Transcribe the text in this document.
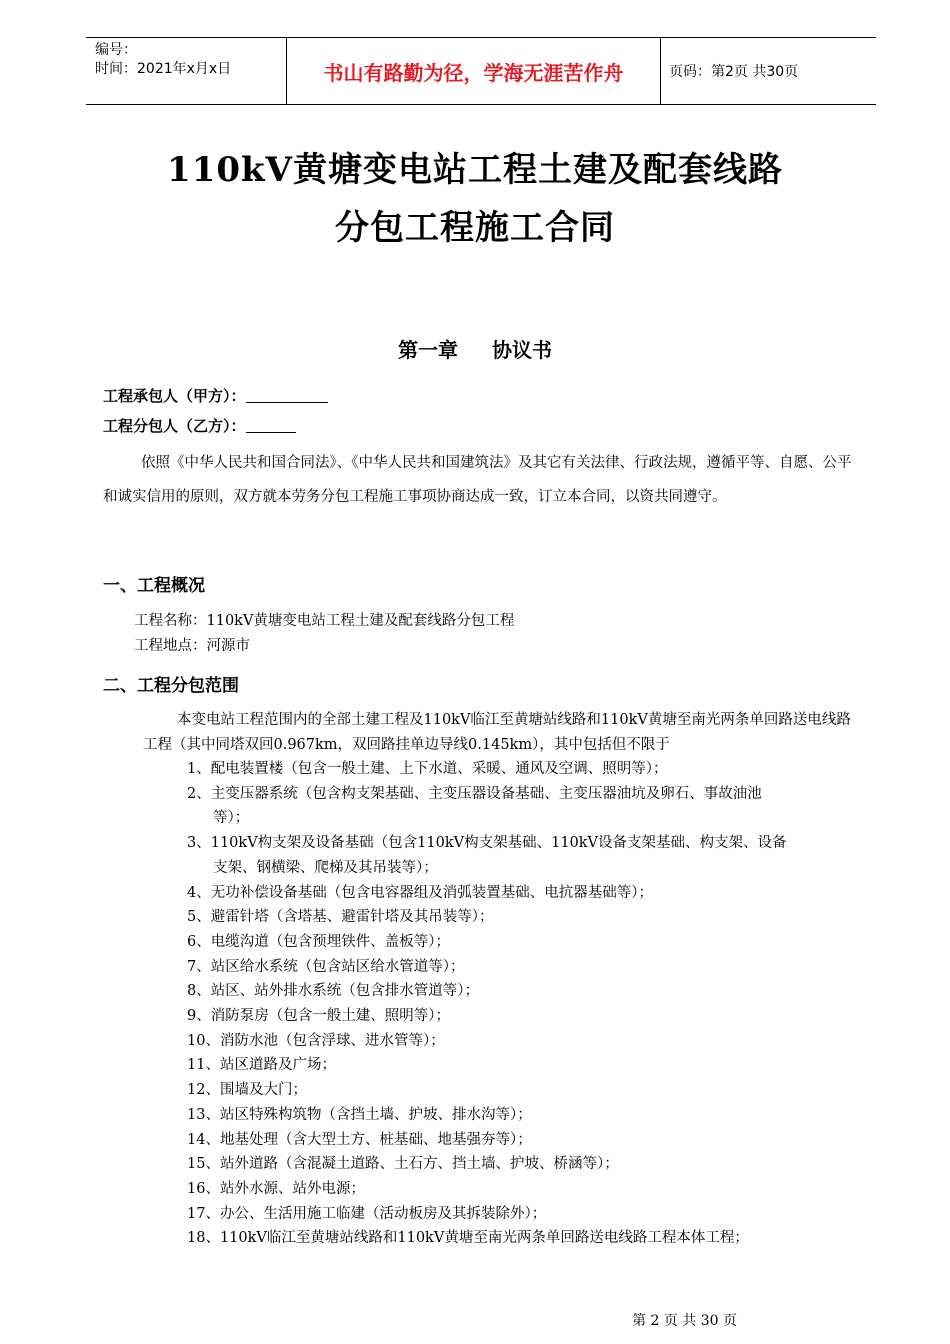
编号：
时间：2021年x月x日	书山有路勤为径，学海无涯苦作舟	页码：第2页 共30页
110kV黄塘变电站工程土建及配套线路
分包工程施工合同
第一章 协议书
工程承包人（甲方）：
工程分包人（乙方）：
依照《中华人民共和国合同法》、《中华人民共和国建筑法》及其它有关法律、行政法规，遵循平等、自愿、公平和诚实信用的原则，双方就本劳务分包工程施工事项协商达成一致，订立本合同，以资共同遵守。
一、工程概况
工程名称：110kV黄塘变电站工程土建及配套线路分包工程
工程地点：河源市
二、工程分包范围
本变电站工程范围内的全部土建工程及110kV临江至黄塘站线路和110kV黄塘至南光两条单回路送电线路工程（其中同塔双回0.967km，双回路挂单边导线0.145km），其中包括但不限于
1、配电装置楼（包含一般土建、上下水道、采暖、通风及空调、照明等）；
2、主变压器系统（包含构支架基础、主变压器设备基础、主变压器油坑及卵石、事故油池
等）；
3、110kV构支架及设备基础（包含110kV构支架基础、110kV设备支架基础、构支架、设备
支架、钢横梁、爬梯及其吊装等）；
4、无功补偿设备基础（包含电容器组及消弧装置基础、电抗器基础等）；
5、避雷针塔（含塔基、避雷针塔及其吊装等）；
6、电缆沟道（包含预埋铁件、盖板等）；
7、站区给水系统（包含站区给水管道等）；
8、站区、站外排水系统（包含排水管道等）；
9、消防泵房（包含一般土建、照明等）；
10、消防水池（包含浮球、进水管等）；
11、站区道路及广场；
12、围墙及大门；
13、站区特殊构筑物（含挡土墙、护坡、排水沟等）；
14、地基处理（含大型土方、桩基础、地基强夯等）；
15、站外道路（含混凝土道路、土石方、挡土墙、护坡、桥涵等）；
16、站外水源、站外电源；
17、办公、生活用施工临建（活动板房及其拆装除外）；
18、110kV临江至黄塘站线路和110kV黄塘至南光两条单回路送电线路工程本体工程；
第 2 页 共 30 页
